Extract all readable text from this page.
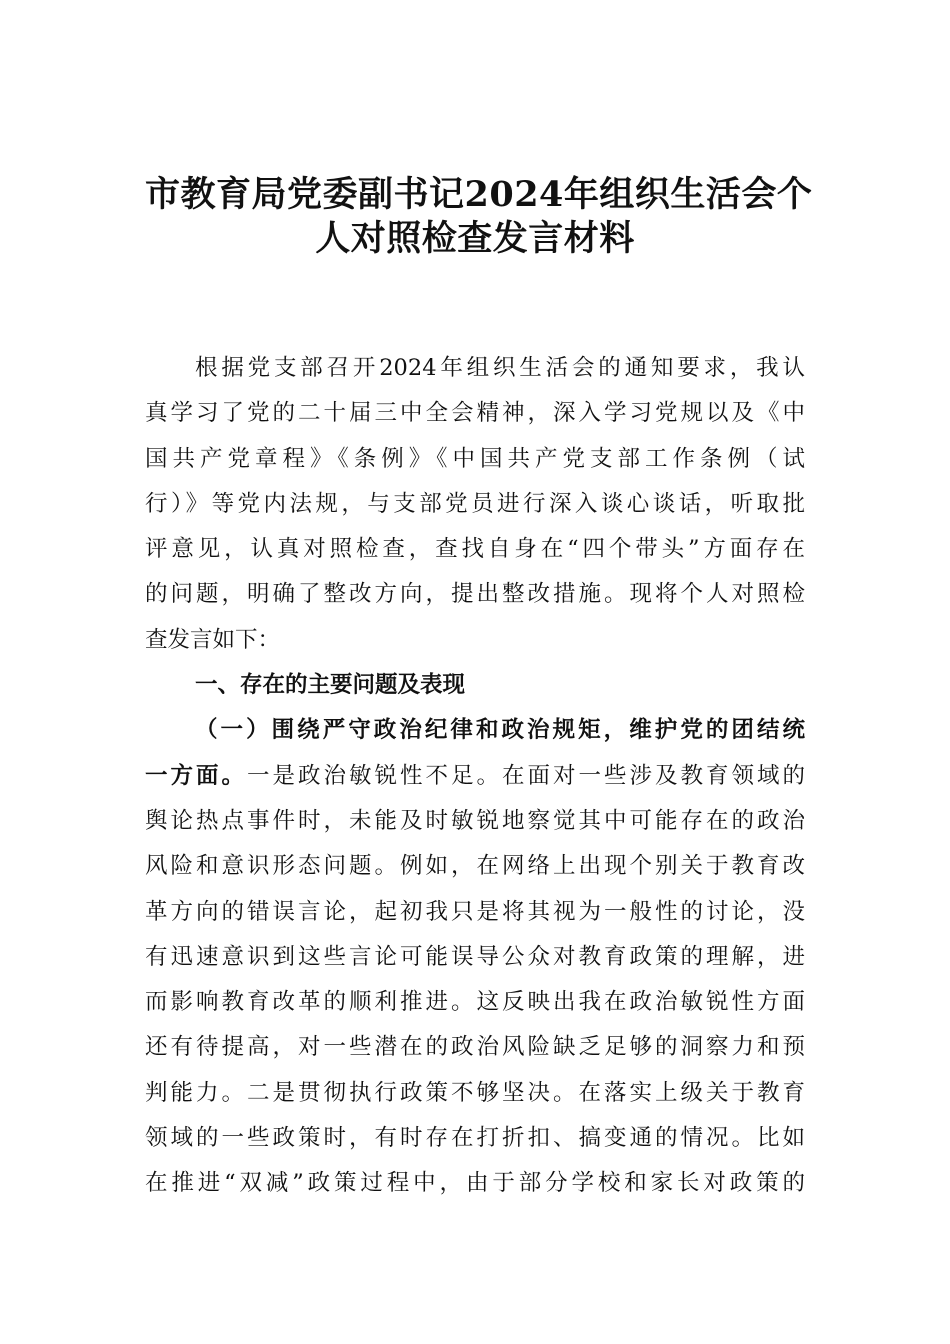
市教育局党委副书记2024年组织生活会个
人对照检查发言材料
根据党支部召开2024年组织生活会的通知要求，我认
真学习了党的二十届三中全会精神，深入学习党规以及《中
国共产党章程》《条例》《中国共产党支部工作条例（试
行）》等党内法规，与支部党员进行深入谈心谈话，听取批
评意见，认真对照检查，查找自身在“四个带头”方面存在
的问题，明确了整改方向，提出整改措施。现将个人对照检
查发言如下：
一、存在的主要问题及表现
（一）围绕严守政治纪律和政治规矩，维护党的团结统
一方面。一是政治敏锐性不足。在面对一些涉及教育领域的
舆论热点事件时，未能及时敏锐地察觉其中可能存在的政治
风险和意识形态问题。例如，在网络上出现个别关于教育改
革方向的错误言论，起初我只是将其视为一般性的讨论，没
有迅速意识到这些言论可能误导公众对教育政策的理解，进
而影响教育改革的顺利推进。这反映出我在政治敏锐性方面
还有待提高，对一些潜在的政治风险缺乏足够的洞察力和预
判能力。二是贯彻执行政策不够坚决。在落实上级关于教育
领域的一些政策时，有时存在打折扣、搞变通的情况。比如
在推进“双减”政策过程中，由于部分学校和家长对政策的
